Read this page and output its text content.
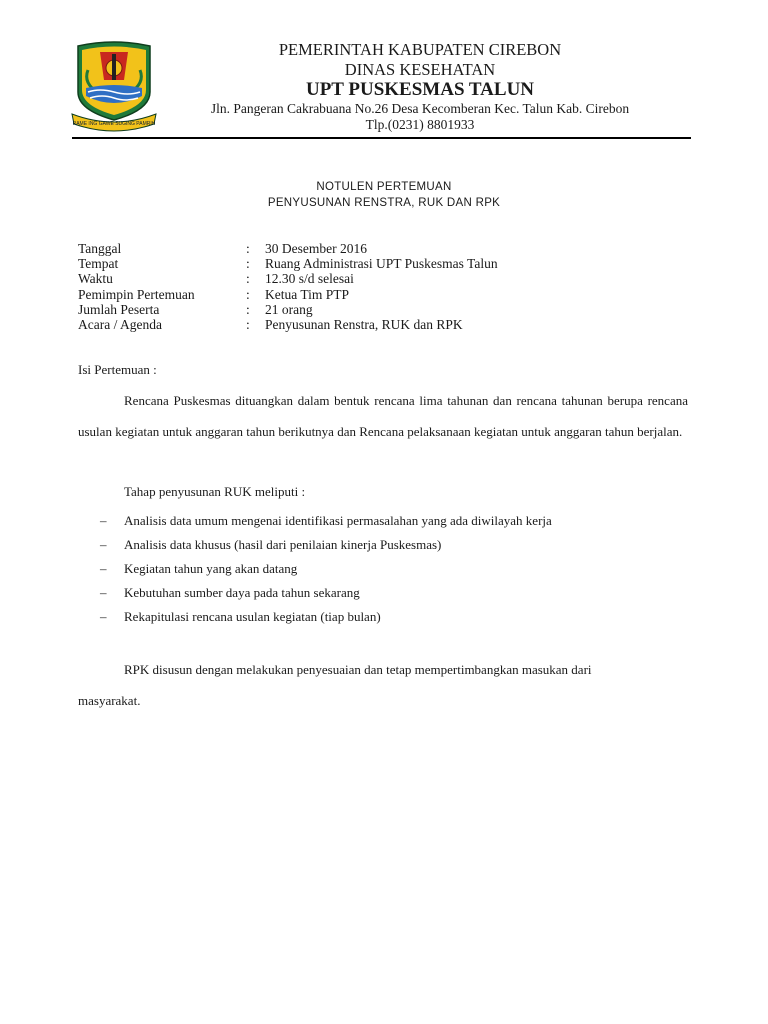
RAME ING GAWE SUGING PAMRIH
PEMERINTAH KABUPATEN CIREBON
DINAS KESEHATAN
UPT PUSKESMAS TALUN
Jln. Pangeran Cakrabuana No.26 Desa Kecomberan Kec. Talun Kab. Cirebon
Tlp.(0231) 8801933
NOTULEN PERTEMUAN
PENYUSUNAN RENSTRA, RUK DAN RPK
Tanggal
Tempat
Waktu
Pemimpin Pertemuan
Jumlah Peserta
Acara / Agenda
:
:
:
:
:
:
30 Desember 2016
Ruang Administrasi UPT Puskesmas Talun
12.30 s/d selesai
Ketua Tim PTP
21 orang
Penyusunan Renstra, RUK dan RPK
Isi Pertemuan :
Rencana Puskesmas dituangkan dalam bentuk rencana lima tahunan dan rencana tahunan berupa rencana usulan kegiatan untuk anggaran tahun berikutnya dan Rencana pelaksanaan kegiatan untuk anggaran tahun berjalan.
Tahap penyusunan RUK meliputi :
– Analisis data umum mengenai identifikasi permasalahan yang ada diwilayah kerja
– Analisis data khusus (hasil dari penilaian kinerja Puskesmas)
– Kegiatan tahun yang akan datang
– Kebutuhan sumber daya pada tahun sekarang
– Rekapitulasi rencana usulan kegiatan (tiap bulan)
RPK disusun dengan melakukan penyesuaian dan tetap mempertimbangkan masukan dari
masyarakat.
